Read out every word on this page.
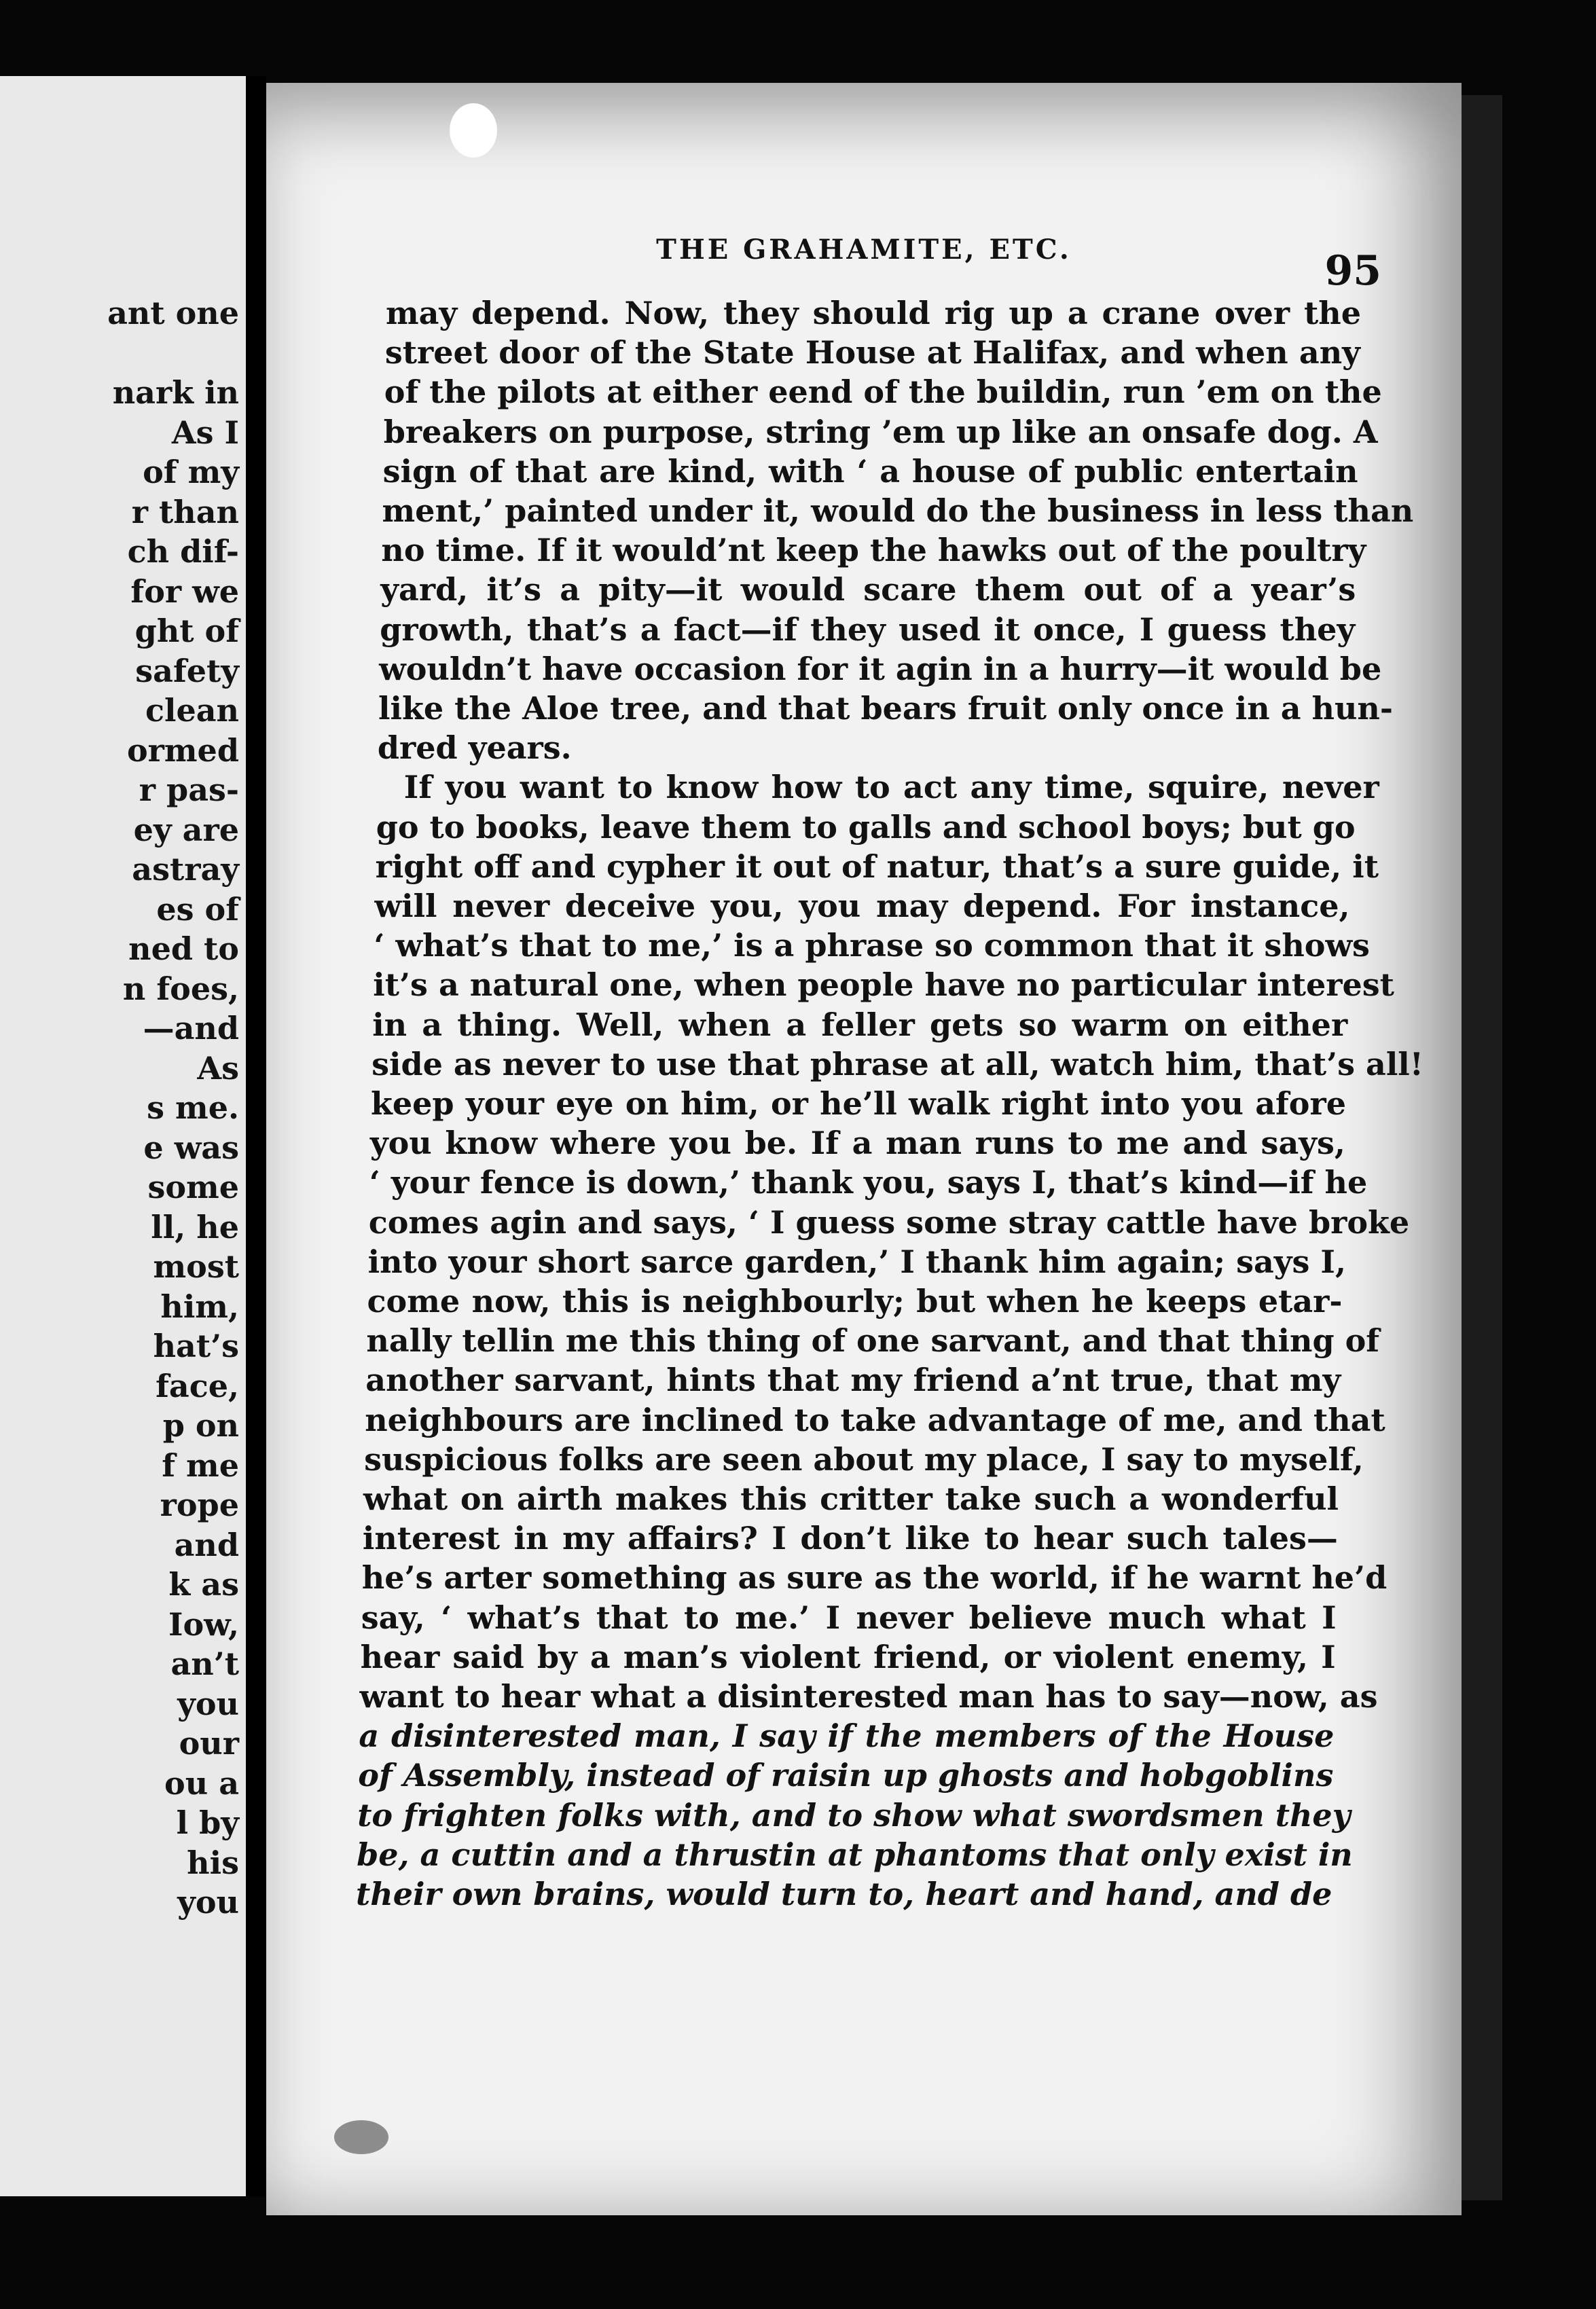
ant one
nark in
As I
of my
r than
ch dif-
for we
ght of
safety
clean
ormed
r pas-
ey are
astray
es of
ned to
n foes,
—and
As
s me.
e was
some
ll, he
most
him,
hat’s
face,
p on
f me
rope
and
k as
Iow,
an’t
you
our
ou a
l by
his
you
THE GRAHAMITE, ETC.	95
may depend. Now, they should rig up a crane over the
street door of the State House at Halifax, and when any
of the pilots at either eend of the buildin, run ’em on the
breakers on purpose, string ’em up like an onsafe dog. A
sign of that are kind, with ‘ a house of public entertain
ment,’ painted under it, would do the business in less than
no time. If it would’nt keep the hawks out of the poultry
yard, it’s a pity—it would scare them out of a year’s
growth, that’s a fact—if they used it once, I guess they
wouldn’t have occasion for it agin in a hurry—it would be
like the Aloe tree, and that bears fruit only once in a hun-
dred years.
If you want to know how to act any time, squire, never
go to books, leave them to galls and school boys; but go
right off and cypher it out of natur, that’s a sure guide, it
will never deceive you, you may depend. For instance,
‘ what’s that to me,’ is a phrase so common that it shows
it’s a natural one, when people have no particular interest
in a thing. Well, when a feller gets so warm on either
side as never to use that phrase at all, watch him, that’s all!
keep your eye on him, or he’ll walk right into you afore
you know where you be. If a man runs to me and says,
‘ your fence is down,’ thank you, says I, that’s kind—if he
comes agin and says, ‘ I guess some stray cattle have broke
into your short sarce garden,’ I thank him again; says I,
come now, this is neighbourly; but when he keeps etar-
nally tellin me this thing of one sarvant, and that thing of
another sarvant, hints that my friend a’nt true, that my
neighbours are inclined to take advantage of me, and that
suspicious folks are seen about my place, I say to myself,
what on airth makes this critter take such a wonderful
interest in my affairs? I don’t like to hear such tales—
he’s arter something as sure as the world, if he warnt he’d
say, ‘ what’s that to me.’ I never believe much what I
hear said by a man’s violent friend, or violent enemy, I
want to hear what a disinterested man has to say—now, as
a disinterested man, I say if the members of the House
of Assembly, instead of raisin up ghosts and hobgoblins
to frighten folks with, and to show what swordsmen they
be, a cuttin and a thrustin at phantoms that only exist in
their own brains, would turn to, heart and hand, and de
